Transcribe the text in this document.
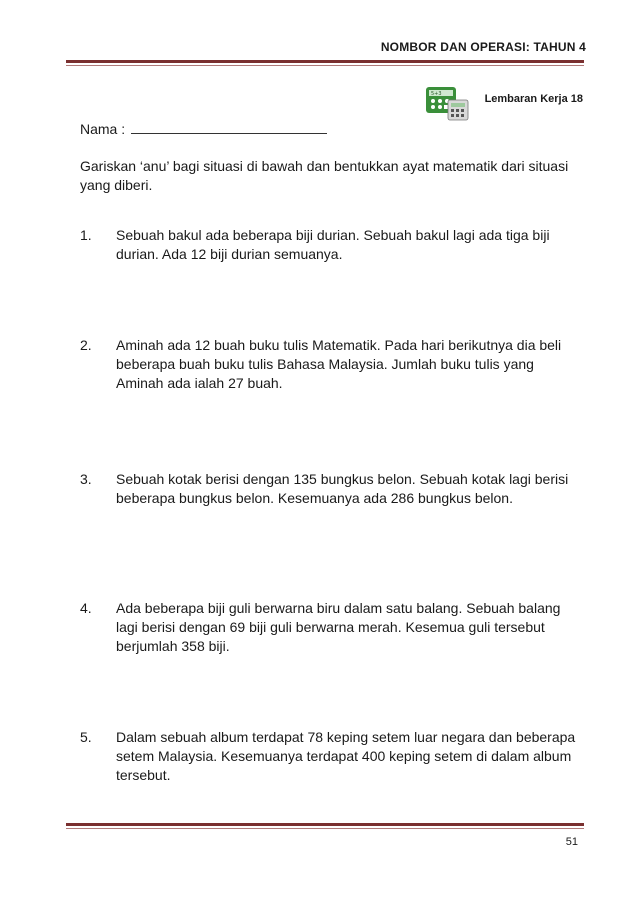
NOMBOR DAN OPERASI: TAHUN 4
5+3	Lembaran Kerja 18
Nama :
Gariskan ‘anu’ bagi situasi di bawah dan bentukkan ayat matematik dari situasi yang diberi.
1. Sebuah bakul ada beberapa biji durian. Sebuah bakul lagi ada tiga biji durian. Ada 12 biji durian semuanya.
2. Aminah ada 12 buah buku tulis Matematik. Pada hari berikutnya dia beli beberapa buah buku tulis Bahasa Malaysia. Jumlah buku tulis yang Aminah ada ialah 27 buah.
3. Sebuah kotak berisi dengan 135 bungkus belon. Sebuah kotak lagi berisi beberapa bungkus belon. Kesemuanya ada 286 bungkus belon.
4. Ada beberapa biji guli berwarna biru dalam satu balang. Sebuah balang lagi berisi dengan 69 biji guli berwarna merah. Kesemua guli tersebut berjumlah 358 biji.
5. Dalam sebuah album terdapat 78 keping setem luar negara dan beberapa setem Malaysia. Kesemuanya terdapat 400 keping setem di dalam album tersebut.
51
